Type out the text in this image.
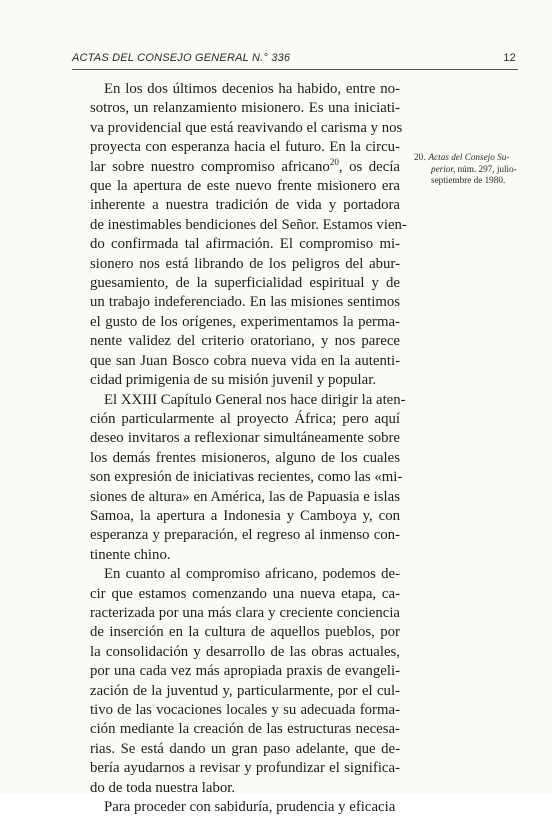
ACTAS DEL CONSEJO GENERAL N.° 336	12
En los dos últimos decenios ha habido, entre no-
sotros, un relanzamiento misionero. Es una iniciati-
va providencial que está reavivando el carisma y nos
proyecta con esperanza hacia el futuro. En la circu-
lar sobre nuestro compromiso africano$^{20}$, os decía
que la apertura de este nuevo frente misionero era
inherente a nuestra tradición de vida y portadora
de inestimables bendiciones del Señor. Estamos vien-
do confirmada tal afirmación. El compromiso mi-
sionero nos está librando de los peligros del abur-
guesamiento, de la superficialidad espiritual y de
un trabajo indeferenciado. En las misiones sentimos
el gusto de los orígenes, experimentamos la perma-
nente validez del criterio oratoriano, y nos parece
que san Juan Bosco cobra nueva vida en la autenti-
cidad primigenia de su misión juvenil y popular.
El XXIII Capítulo General nos hace dirigir la aten-
ción particularmente al proyecto África; pero aquí
deseo invitaros a reflexionar simultáneamente sobre
los demás frentes misioneros, alguno de los cuales
son expresión de iniciativas recientes, como las «mi-
siones de altura» en América, las de Papuasia e islas
Samoa, la apertura a Indonesia y Camboya y, con
esperanza y preparación, el regreso al inmenso con-
tinente chino.
En cuanto al compromiso africano, podemos de-
cir que estamos comenzando una nueva etapa, ca-
racterizada por una más clara y creciente conciencia
de inserción en la cultura de aquellos pueblos, por
la consolidación y desarrollo de las obras actuales,
por una cada vez más apropiada praxis de evangeli-
zación de la juventud y, particularmente, por el cul-
tivo de las vocaciones locales y su adecuada forma-
ción mediante la creación de las estructuras necesa-
rias. Se está dando un gran paso adelante, que de-
bería ayudarnos a revisar y profundizar el significa-
do de toda nuestra labor.
Para proceder con sabiduría, prudencia y eficacia
20. Actas del Consejo Su-
perior, núm. 297, julio-
septiembre de 1980.
